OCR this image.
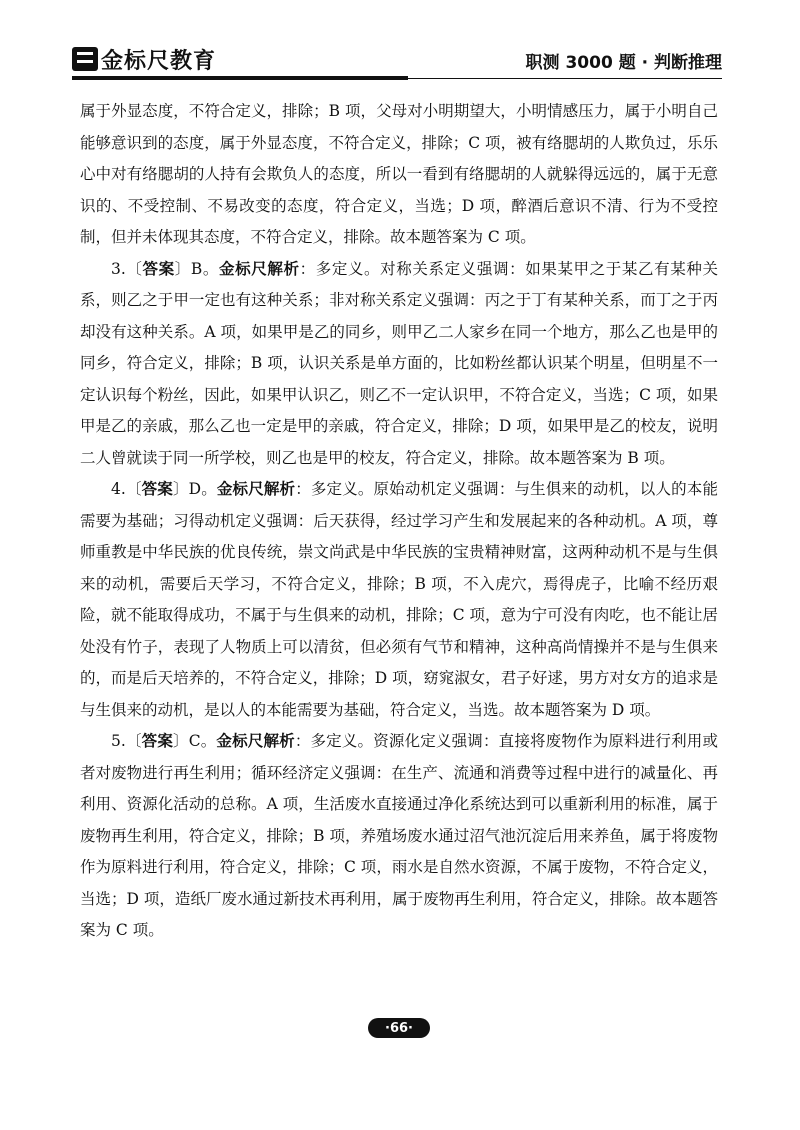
金标尺教育	职测 3000 题 · 判断推理

属于外显态度，不符合定义，排除；B 项，父母对小明期望大，小明情感压力，属于小明自己能够意识到的态度，属于外显态度，不符合定义，排除；C 项，被有络腮胡的人欺负过，乐乐心中对有络腮胡的人持有会欺负人的态度，所以一看到有络腮胡的人就躲得远远的，属于无意识的、不受控制、不易改变的态度，符合定义，当选；D 项，醉酒后意识不清、行为不受控制，但并未体现其态度，不符合定义，排除。故本题答案为 C 项。

3.〔答案〕B。金标尺解析：多定义。对称关系定义强调：如果某甲之于某乙有某种关系，则乙之于甲一定也有这种关系；非对称关系定义强调：丙之于丁有某种关系，而丁之于丙却没有这种关系。A 项，如果甲是乙的同乡，则甲乙二人家乡在同一个地方，那么乙也是甲的同乡，符合定义，排除；B 项，认识关系是单方面的，比如粉丝都认识某个明星，但明星不一定认识每个粉丝，因此，如果甲认识乙，则乙不一定认识甲，不符合定义，当选；C 项，如果甲是乙的亲戚，那么乙也一定是甲的亲戚，符合定义，排除；D 项，如果甲是乙的校友，说明二人曾就读于同一所学校，则乙也是甲的校友，符合定义，排除。故本题答案为 B 项。

4.〔答案〕D。金标尺解析：多定义。原始动机定义强调：与生俱来的动机，以人的本能需要为基础；习得动机定义强调：后天获得，经过学习产生和发展起来的各种动机。A 项，尊师重教是中华民族的优良传统，崇文尚武是中华民族的宝贵精神财富，这两种动机不是与生俱来的动机，需要后天学习，不符合定义，排除；B 项，不入虎穴，焉得虎子，比喻不经历艰险，就不能取得成功，不属于与生俱来的动机，排除；C 项，意为宁可没有肉吃，也不能让居处没有竹子，表现了人物质上可以清贫，但必须有气节和精神，这种高尚情操并不是与生俱来的，而是后天培养的，不符合定义，排除；D 项，窈窕淑女，君子好逑，男方对女方的追求是与生俱来的动机，是以人的本能需要为基础，符合定义，当选。故本题答案为 D 项。

5.〔答案〕C。金标尺解析：多定义。资源化定义强调：直接将废物作为原料进行利用或者对废物进行再生利用；循环经济定义强调：在生产、流通和消费等过程中进行的减量化、再利用、资源化活动的总称。A 项，生活废水直接通过净化系统达到可以重新利用的标准，属于废物再生利用，符合定义，排除；B 项，养殖场废水通过沼气池沉淀后用来养鱼，属于将废物作为原料进行利用，符合定义，排除；C 项，雨水是自然水资源，不属于废物，不符合定义，当选；D 项，造纸厂废水通过新技术再利用，属于废物再生利用，符合定义，排除。故本题答案为 C 项。

·66·
